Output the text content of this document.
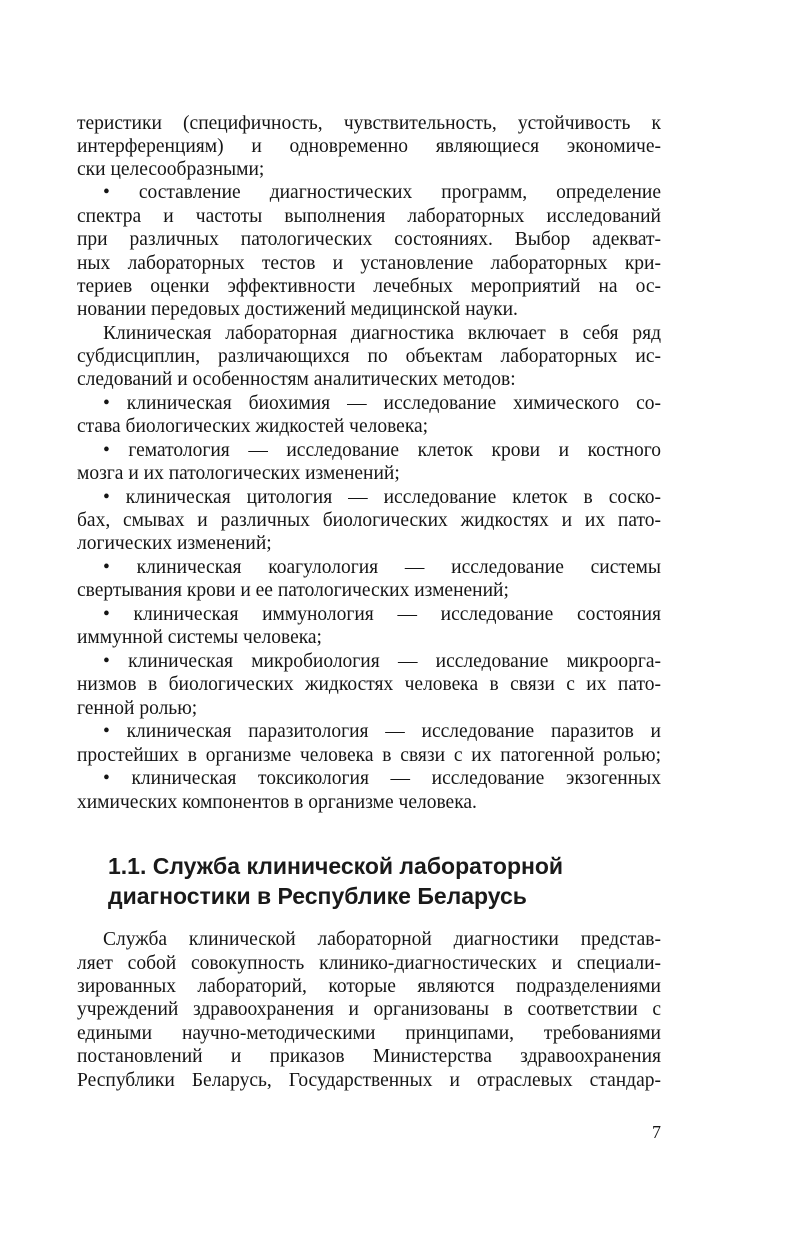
теристики (специфичность, чувствительность, устойчивость к
интерференциям) и одновременно являющиеся экономиче-
ски целесообразными;
• составление диагностических программ, определение
спектра и частоты выполнения лабораторных исследований
при различных патологических состояниях. Выбор адекват-
ных лабораторных тестов и установление лабораторных кри-
териев оценки эффективности лечебных мероприятий на ос-
новании передовых достижений медицинской науки.
Клиническая лабораторная диагностика включает в себя ряд
субдисциплин, различающихся по объектам лабораторных ис-
следований и особенностям аналитических методов:
• клиническая биохимия — исследование химического со-
става биологических жидкостей человека;
• гематология — исследование клеток крови и костного
мозга и их патологических изменений;
• клиническая цитология — исследование клеток в соско-
бах, смывах и различных биологических жидкостях и их пато-
логических изменений;
• клиническая коагулология — исследование системы
свертывания крови и ее патологических изменений;
• клиническая иммунология — исследование состояния
иммунной системы человека;
• клиническая микробиология — исследование микроорга-
низмов в биологических жидкостях человека в связи с их пато-
генной ролью;
• клиническая паразитология — исследование паразитов и
простейших в организме человека в связи с их патогенной ролью;
• клиническая токсикология — исследование экзогенных
химических компонентов в организме человека.
1.1. Служба клинической лабораторной
диагностики в Республике Беларусь
Служба клинической лабораторной диагностики представ-
ляет собой совокупность клинико-диагностических и специали-
зированных лабораторий, которые являются подразделениями
учреждений здравоохранения и организованы в соответствии с
едиными научно-методическими принципами, требованиями
постановлений и приказов Министерства здравоохранения
Республики Беларусь, Государственных и отраслевых стандар-
7
